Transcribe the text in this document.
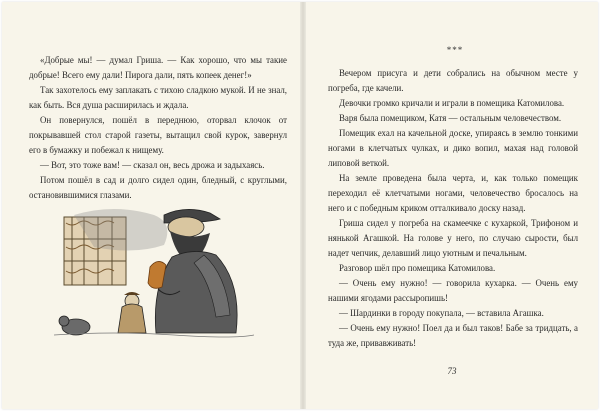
«Добрые мы! — думал Гриша. — Как хорошо, что мы такие добрые! Всего ему дали! Пирога дали, пять копеек денег!»

Так захотелось ему заплакать с тихою сладкою мукой. И не знал, как быть. Вся душа расширилась и ждала.

Он повернулся, пошёл в переднюю, оторвал клочок от покрывавшей стол старой газеты, вытащил свой курок, завернул его в бумажку и побежал к нищему.

— Вот, это тоже вам! — сказал он, весь дрожа и задыхаясь.

Потом пошёл в сад и долго сидел один, бледный, с круглыми, остановившимися глазами.

***

Вечером присуга и дети собрались на обычном месте у погреба, где качели.

Девочки громко кричали и играли в помещика Катомилова.

Варя была помещиком, Катя — остальным человечеством.

Помещик ехал на качельной доске, упираясь в землю тонкими ногами в клетчатых чулках, и дико вопил, махая над головой липовой веткой.

На земле проведена была черта, и, как только помещик переходил её клетчатыми ногами, человечество бросалось на него и с победным криком отталкивало доску назад.

Гриша сидел у погреба на скамеечке с кухаркой, Трифоном и нянькой Агашкой. На голове у него, по случаю сырости, был надет чепчик, делавший лицо уютным и печальным.

Разговор шёл про помещика Катомилова.

— Очень ему нужно! — говорила кухарка. — Очень ему нашими ягодами рассыропишь!

— Шардинки в городу покупала, — вставила Агашка.

— Очень ему нужно! Поел да и был таков! Бабе за тридцать, а туда же, привавживать!

73
